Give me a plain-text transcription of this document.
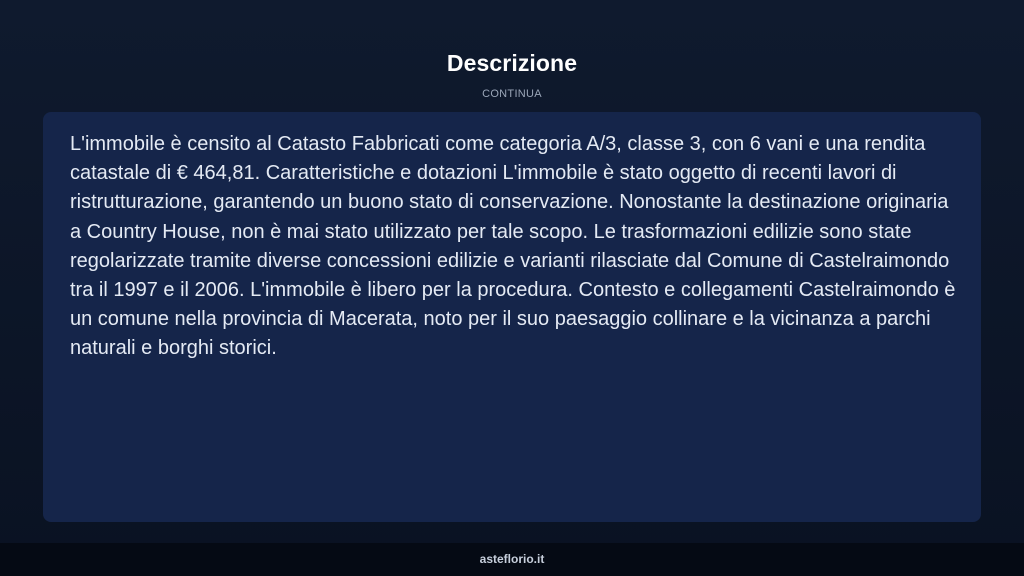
Descrizione
CONTINUA

L'immobile è censito al Catasto Fabbricati come categoria A/3, classe 3, con 6 vani e una rendita catastale di € 464,81. Caratteristiche e dotazioni L'immobile è stato oggetto di recenti lavori di ristrutturazione, garantendo un buono stato di conservazione. Nonostante la destinazione originaria a Country House, non è mai stato utilizzato per tale scopo. Le trasformazioni edilizie sono state regolarizzate tramite diverse concessioni edilizie e varianti rilasciate dal Comune di Castelraimondo tra il 1997 e il 2006. L'immobile è libero per la procedura. Contesto e collegamenti Castelraimondo è un comune nella provincia di Macerata, noto per il suo paesaggio collinare e la vicinanza a parchi naturali e borghi storici.

asteflorio.it
